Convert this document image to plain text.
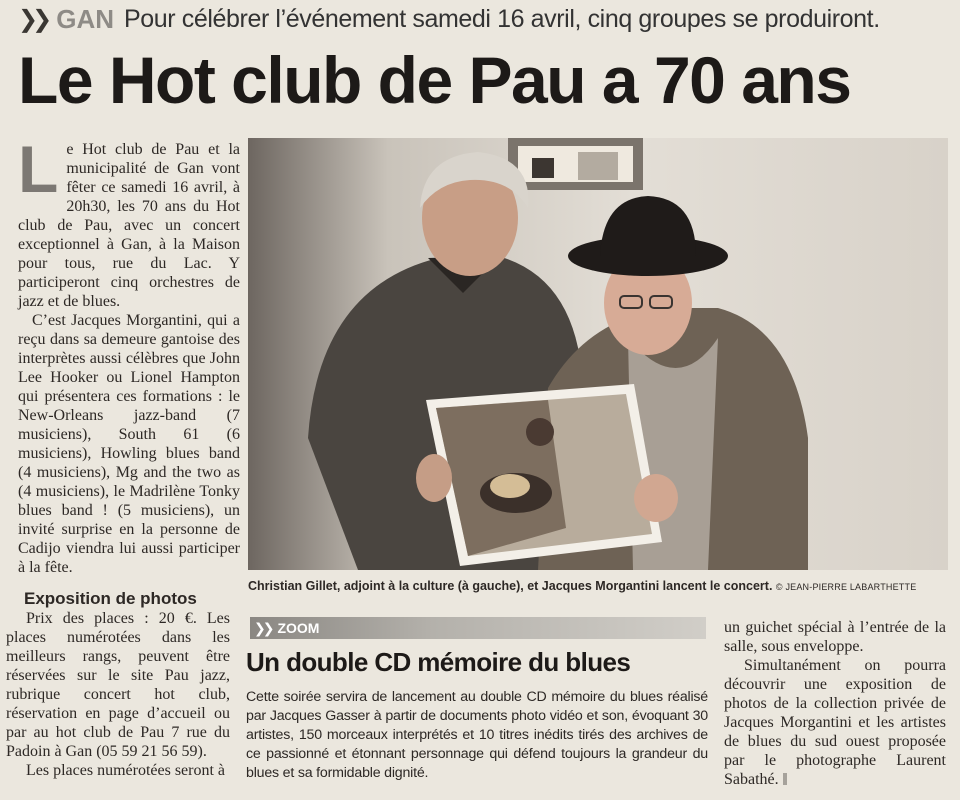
❯❯ GAN Pour célébrer l’événement samedi 16 avril, cinq groupes se produiront.
Le Hot club de Pau a 70 ans
L e Hot club de Pau et la municipalité de Gan vont fêter ce samedi 16 avril, à 20h30, les 70 ans du Hot club de Pau, avec un concert exceptionnel à Gan, à la Maison pour tous, rue du Lac. Y participeront cinq orchestres de jazz et de blues.

C’est Jacques Morgantini, qui a reçu dans sa demeure gantoise des interprètes aussi célèbres que John Lee Hooker ou Lionel Hampton qui présentera ces formations : le New-Orleans jazz-band (7 musiciens), South 61 (6 musiciens), Howling blues band (4 musiciens), Mg and the two as (4 musiciens), le Madrilène Tonky blues band ! (5 musiciens), un invité surprise en la personne de Cadijo viendra lui aussi participer à la fête.

Exposition de photos

Prix des places : 20 €. Les places numérotées dans les meilleurs rangs, peuvent être réservées sur le site Pau jazz, rubrique concert hot club, réservation en page d’accueil ou par au hot club de Pau 7 rue du Padoin à Gan (05 59 21 56 59).

Les places numérotées seront à

Christian Gillet, adjoint à la culture (à gauche), et Jacques Morgantini lancent le concert. © JEAN-PIERRE LABARTHETTE
❯❯ ZOOM
Un double CD mémoire du blues

Cette soirée servira de lancement au double CD mémoire du blues réalisé par Jacques Gasser à partir de documents photo vidéo et son, évoquant 30 artistes, 150 morceaux interprétés et 10 titres inédits tirés des archives de ce passionné et étonnant personnage qui défend toujours la grandeur du blues et sa formidable dignité.

un guichet spécial à l’entrée de la salle, sous enveloppe.

Simultanément on pourra découvrir une exposition de photos de la collection privée de Jacques Morgantini et les artistes de blues du sud ouest proposée par le photographe Laurent Sabathé.
